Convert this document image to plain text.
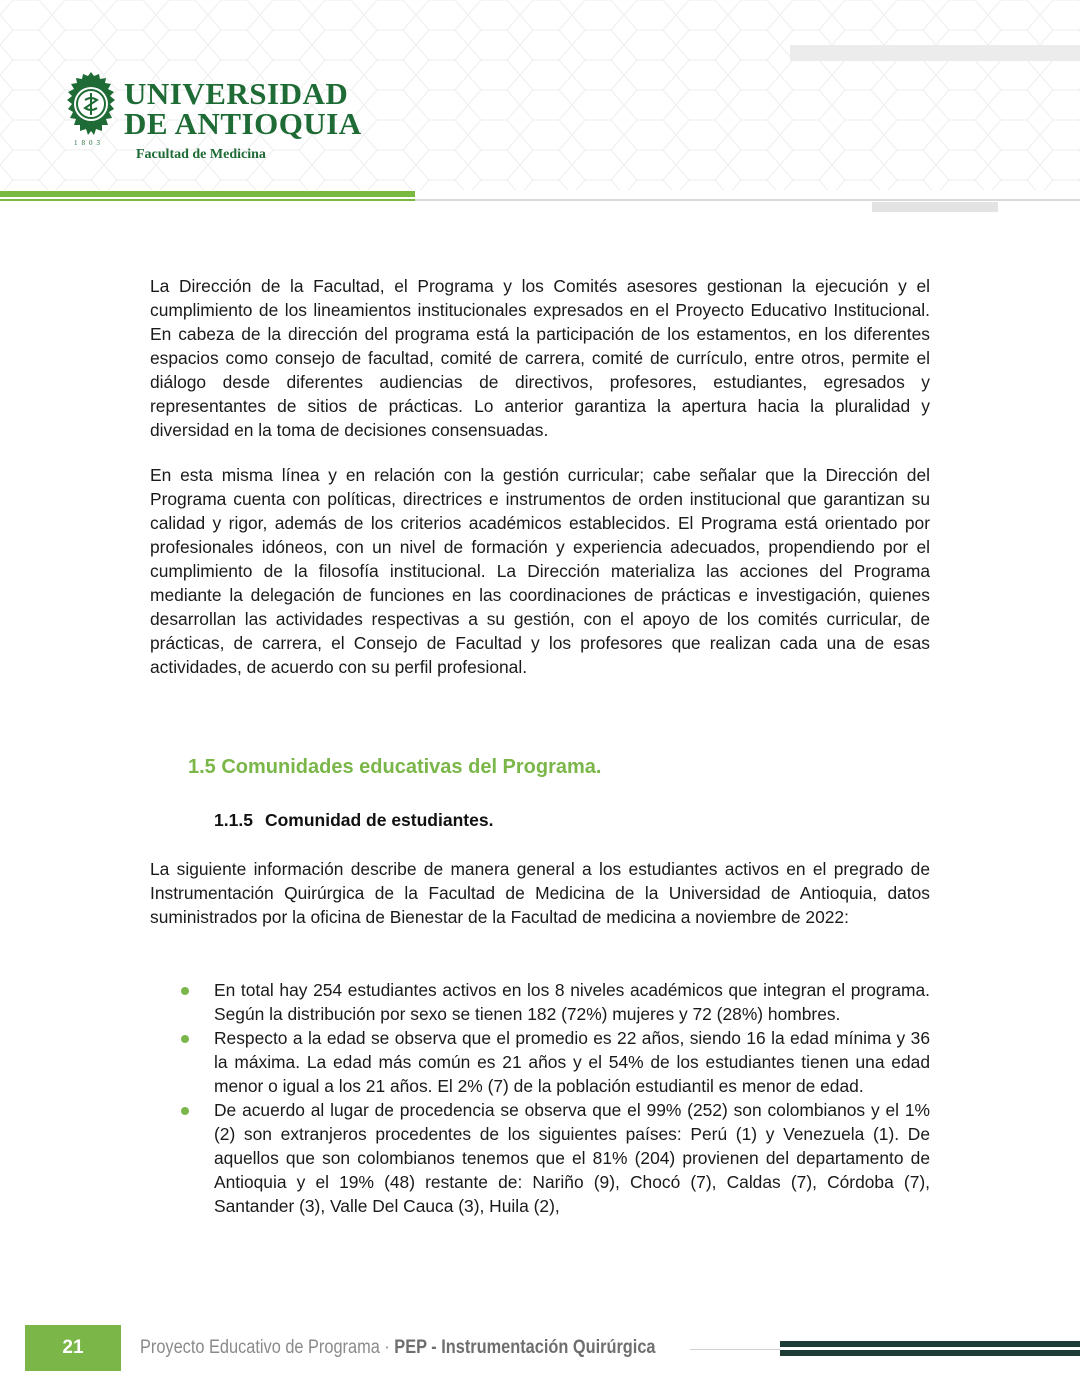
UNIVERSIDAD
DE ANTIOQUIA
1803
Facultad de Medicina

La Dirección de la Facultad, el Programa y los Comités asesores gestionan la ejecución y el cumplimiento de los lineamientos institucionales expresados en el Proyecto Educativo Institucional. En cabeza de la dirección del programa está la participación de los estamentos, en los diferentes espacios como consejo de facultad, comité de carrera, comité de currículo, entre otros, permite el diálogo desde diferentes audiencias de directivos, profesores, estudiantes, egresados y representantes de sitios de prácticas. Lo anterior garantiza la apertura hacia la pluralidad y diversidad en la toma de decisiones consensuadas.

En esta misma línea y en relación con la gestión curricular; cabe señalar que la Dirección del Programa cuenta con políticas, directrices e instrumentos de orden institucional que garantizan su calidad y rigor, además de los criterios académicos establecidos. El Programa está orientado por profesionales idóneos, con un nivel de formación y experiencia adecuados, propendiendo por el cumplimiento de la filosofía institucional. La Dirección materializa las acciones del Programa mediante la delegación de funciones en las coordinaciones de prácticas e investigación, quienes desarrollan las actividades respectivas a su gestión, con el apoyo de los comités curricular, de prácticas, de carrera, el Consejo de Facultad y los profesores que realizan cada una de esas actividades, de acuerdo con su perfil profesional.

1.5 Comunidades educativas del Programa.
1.1.5 Comunidad de estudiantes.

La siguiente información describe de manera general a los estudiantes activos en el pregrado de Instrumentación Quirúrgica de la Facultad de Medicina de la Universidad de Antioquia, datos suministrados por la oficina de Bienestar de la Facultad de medicina a noviembre de 2022:

En total hay 254 estudiantes activos en los 8 niveles académicos que integran el programa. Según la distribución por sexo se tienen 182 (72%) mujeres y 72 (28%) hombres.
Respecto a la edad se observa que el promedio es 22 años, siendo 16 la edad mínima y 36 la máxima. La edad más común es 21 años y el 54% de los estudiantes tienen una edad menor o igual a los 21 años. El 2% (7) de la población estudiantil es menor de edad.
De acuerdo al lugar de procedencia se observa que el 99% (252) son colombianos y el 1% (2) son extranjeros procedentes de los siguientes países: Perú (1) y Venezuela (1). De aquellos que son colombianos tenemos que el 81% (204) provienen del departamento de Antioquia y el 19% (48) restante de: Nariño (9), Chocó (7), Caldas (7), Córdoba (7), Santander (3), Valle Del Cauca (3), Huila (2),
21	Proyecto Educativo de Programa · PEP - Instrumentación Quirúrgica
